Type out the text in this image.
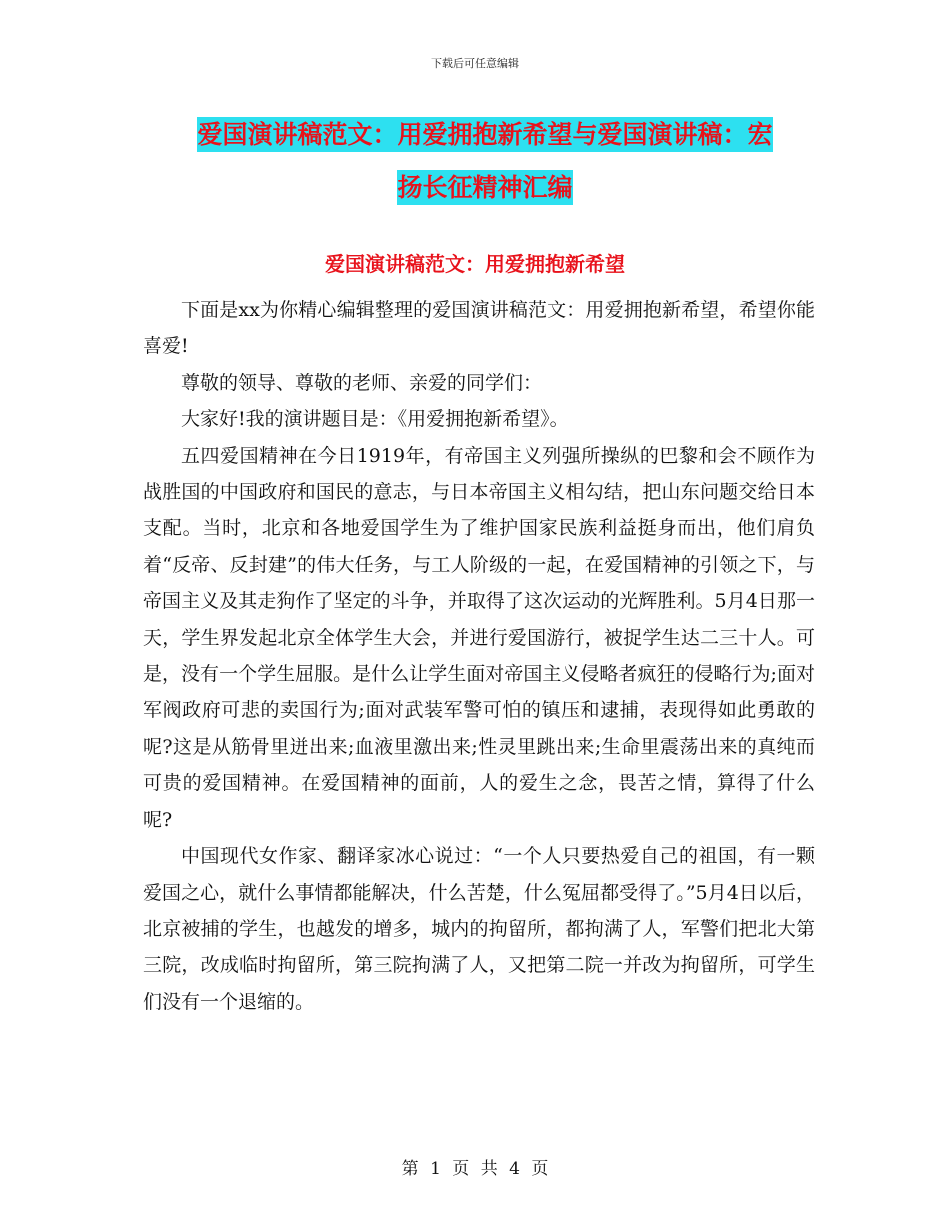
下载后可任意编辑
爱国演讲稿范文：用爱拥抱新希望与爱国演讲稿：宏
扬长征精神汇编
爱国演讲稿范文：用爱拥抱新希望

下面是xx为你精心编辑整理的爱国演讲稿范文：用爱拥抱新希望，希望你能喜爱!

尊敬的领导、尊敬的老师、亲爱的同学们：

大家好!我的演讲题目是：《用爱拥抱新希望》。

五四爱国精神在今日1919年，有帝国主义列强所操纵的巴黎和会不顾作为战胜国的中国政府和国民的意志，与日本帝国主义相勾结，把山东问题交给日本支配。当时，北京和各地爱国学生为了维护国家民族利益挺身而出，他们肩负着“反帝、反封建”的伟大任务，与工人阶级的一起，在爱国精神的引领之下，与帝国主义及其走狗作了坚定的斗争，并取得了这次运动的光辉胜利。5月4日那一天，学生界发起北京全体学生大会，并进行爱国游行，被捉学生达二三十人。可是，没有一个学生屈服。是什么让学生面对帝国主义侵略者疯狂的侵略行为;面对军阀政府可悲的卖国行为;面对武装军警可怕的镇压和逮捕，表现得如此勇敢的呢?这是从筋骨里迸出来;血液里激出来;性灵里跳出来;生命里震荡出来的真纯而可贵的爱国精神。在爱国精神的面前，人的爱生之念，畏苦之情，算得了什么呢?

中国现代女作家、翻译家冰心说过：“一个人只要热爱自己的祖国，有一颗爱国之心，就什么事情都能解决，什么苦楚，什么冤屈都受得了。”5月4日以后，北京被捕的学生，也越发的增多，城内的拘留所，都拘满了人，军警们把北大第三院，改成临时拘留所，第三院拘满了人，又把第二院一并改为拘留所，可学生们没有一个退缩的。

第 1 页 共 4 页
